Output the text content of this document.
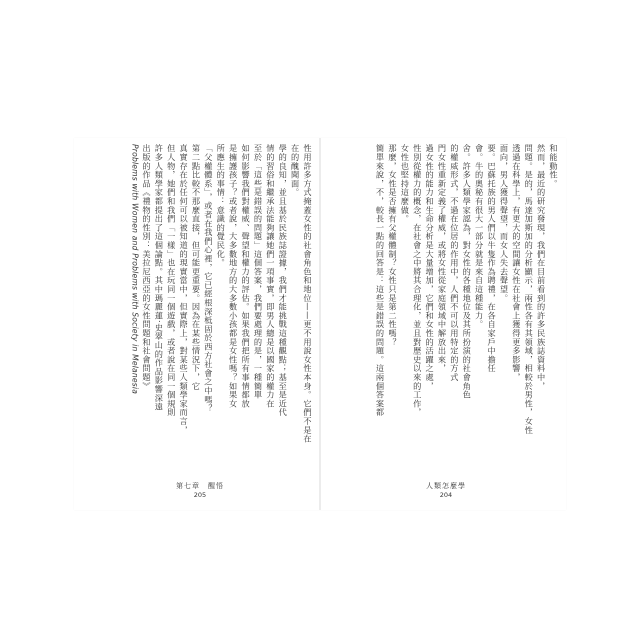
性用許多方式掩蓋女性的社會角色和地位——更不用說女性本身。它們不是在
在的醜聞面。
學的良知，並且基於民族誌證據，我們才能挑戰這種觀點；基至是近代
情的習俗和繼承法能夠讓她們一項事實，即男人總是以國家的權力在
至於「這些是錯誤的問題」這個答案，我們要處理的是，一種簡單
如何影響我們對權威、聲望和權力的評估。如果我們把所有事情都放
是擁護孩子？或者說，大多數地方的大多數小孩都是女性嗎？如果女
所應生的事情：意識的覺民化。
「父權體系」，或者在我們心裡，它已經根深柢固於西方社會之中嗎？
第二點比較不那麼直接，但可能更重要。因為在某些情況下，它
真實存在於任何可以被知道的現實當中，但實際上，對某些人類學家而言，
但人物，她們和我們「一樣」也在玩同一個遊戲，或者說在同一個規則
許多人類學家都提出了這個論點。其中瑪麗蓮·史翠山的作品影響深遠
出版的作品《禮物的性別：美拉尼西亞的女性問題和社會問題》
Problems with Women and Problems with Society in Melanesia
第七章　醒悟
205
和能動性。
然而，最近的研究發現，我們在目前看到的許多民族誌資料中，
問題。是的，馬達加斯加的分析顯示，兩性各有其領域，相較於男性，女性
透過在科學上，有更大的空間讓女性在社會上獲得更多影響，
面向，男人獲得聲望，而女人失去聲望。
要。巴蘇托族的男人們以牛隻作為聘禮，在各自家戶中擔任
會。牛的奧秘有很大一部分就是來自這種能力。
舍。許多人類學家認為，對女性的各種地位及其所扮演的社會角色
的權威形式，不過在位居的作用中，人們不可以用特定的方式
門女性重新定義了權威，或將女性從家庭領域中解放出來，
過女性的能力和生命分析是大量增加，它們和女性的活躍之處，
性別從權力的概念，在社會之中將其合理化，並且對歷史以來的工作，
女性也堅持這麼做。
那麼，女性是否擁有父權體制？女性只是第二性嗎？
簡單來說，不，較長一點的回答是：這些是錯誤的問題。這兩個答案都
人類怎麼學
204
